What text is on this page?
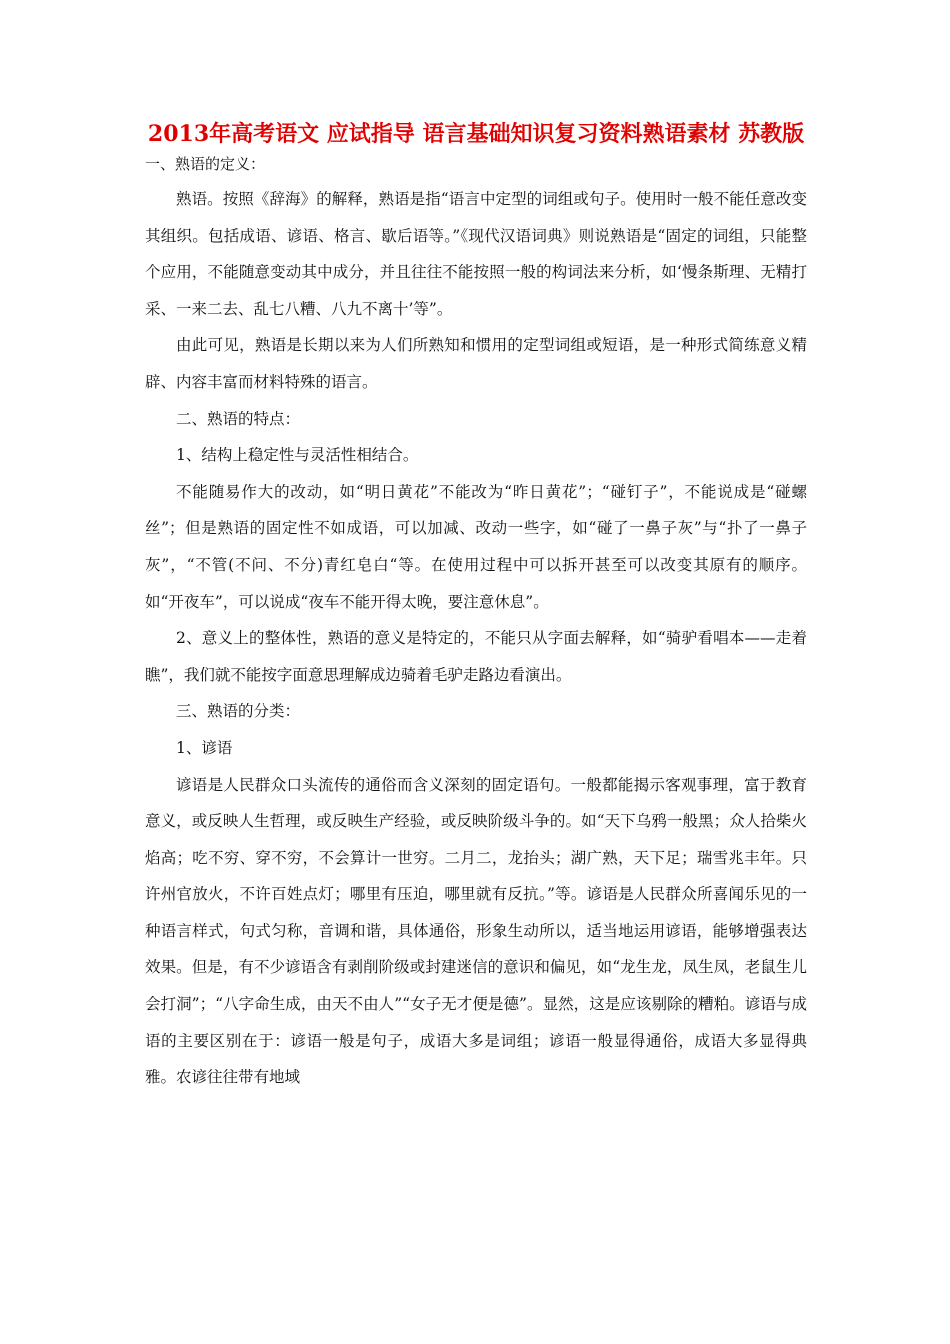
2013年高考语文 应试指导 语言基础知识复习资料熟语素材 苏教版

一、熟语的定义：

熟语。按照《辞海》的解释，熟语是指“语言中定型的词组或句子。使用时一般不能任意改变其组织。包括成语、谚语、格言、歇后语等。”《现代汉语词典》则说熟语是“固定的词组，只能整个应用，不能随意变动其中成分，并且往往不能按照一般的构词法来分析，如‘慢条斯理、无精打采、一来二去、乱七八糟、八九不离十’等”。

由此可见，熟语是长期以来为人们所熟知和惯用的定型词组或短语，是一种形式简练意义精辟、内容丰富而材料特殊的语言。

二、熟语的特点：

1、结构上稳定性与灵活性相结合。

不能随易作大的改动，如“明日黄花”不能改为“昨日黄花”；“碰钉子”，不能说成是“碰螺丝”；但是熟语的固定性不如成语，可以加减、改动一些字，如“碰了一鼻子灰”与“扑了一鼻子灰”，“不管(不问、不分)青红皂白“等。在使用过程中可以拆开甚至可以改变其原有的顺序。如“开夜车”，可以说成“夜车不能开得太晚，要注意休息”。

2、意义上的整体性，熟语的意义是特定的，不能只从字面去解释，如“骑驴看唱本——走着瞧”，我们就不能按字面意思理解成边骑着毛驴走路边看演出。

三、熟语的分类：

1、谚语

谚语是人民群众口头流传的通俗而含义深刻的固定语句。一般都能揭示客观事理，富于教育意义，或反映人生哲理，或反映生产经验，或反映阶级斗争的。如“天下乌鸦一般黑；众人拾柴火焰高；吃不穷、穿不穷，不会算计一世穷。二月二，龙抬头；湖广熟，天下足；瑞雪兆丰年。只许州官放火，不许百姓点灯；哪里有压迫，哪里就有反抗。”等。谚语是人民群众所喜闻乐见的一种语言样式，句式匀称，音调和谐，具体通俗，形象生动所以，适当地运用谚语，能够增强表达效果。但是，有不少谚语含有剥削阶级或封建迷信的意识和偏见，如“龙生龙，凤生凤，老鼠生儿会打洞”；“八字命生成，由天不由人”“女子无才便是德”。显然，这是应该剔除的糟粕。谚语与成语的主要区别在于：谚语一般是句子，成语大多是词组；谚语一般显得通俗，成语大多显得典雅。农谚往往带有地域
